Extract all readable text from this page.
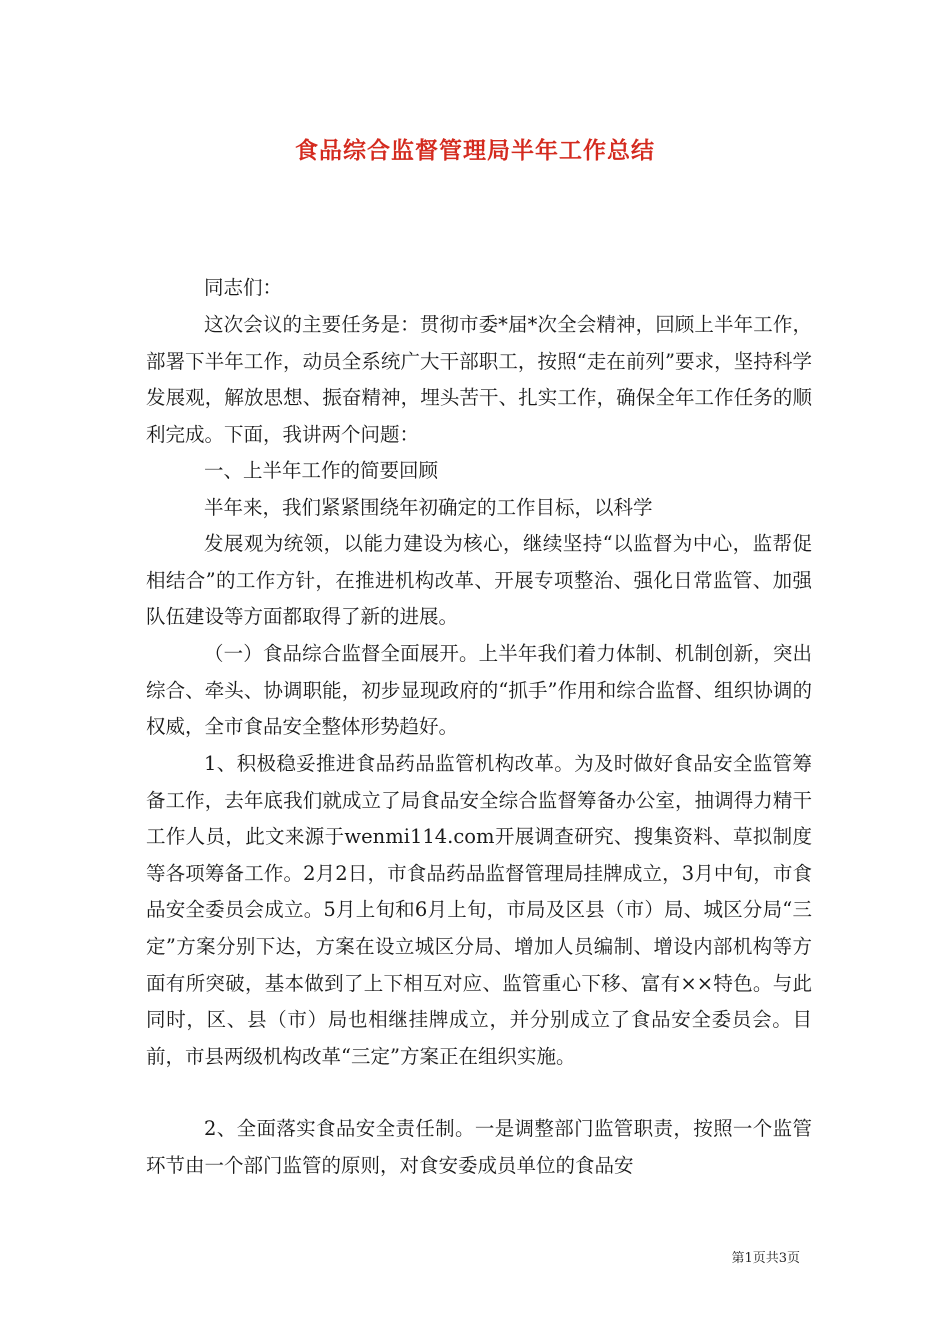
食品综合监督管理局半年工作总结

同志们：

这次会议的主要任务是：贯彻市委*届*次全会精神，回顾上半年工作，部署下半年工作，动员全系统广大干部职工，按照“走在前列”要求，坚持科学发展观，解放思想、振奋精神，埋头苦干、扎实工作，确保全年工作任务的顺利完成。下面，我讲两个问题：

一、上半年工作的简要回顾

半年来，我们紧紧围绕年初确定的工作目标，以科学

发展观为统领，以能力建设为核心，继续坚持“以监督为中心，监帮促相结合”的工作方针，在推进机构改革、开展专项整治、强化日常监管、加强队伍建设等方面都取得了新的进展。

（一）食品综合监督全面展开。上半年我们着力体制、机制创新，突出综合、牵头、协调职能，初步显现政府的“抓手”作用和综合监督、组织协调的权威，全市食品安全整体形势趋好。

1、积极稳妥推进食品药品监管机构改革。为及时做好食品安全监管筹备工作，去年底我们就成立了局食品安全综合监督筹备办公室，抽调得力精干工作人员，此文来源于wenmi114.com开展调查研究、搜集资料、草拟制度等各项筹备工作。2月2日，市食品药品监督管理局挂牌成立，3月中旬，市食品安全委员会成立。5月上旬和6月上旬，市局及区县（市）局、城区分局“三定”方案分别下达，方案在设立城区分局、增加人员编制、增设内部机构等方面有所突破，基本做到了上下相互对应、监管重心下移、富有××特色。与此同时，区、县（市）局也相继挂牌成立，并分别成立了食品安全委员会。目前，市县两级机构改革“三定”方案正在组织实施。

2、全面落实食品安全责任制。一是调整部门监管职责，按照一个监管环节由一个部门监管的原则，对食安委成员单位的食品安

第1页共3页
